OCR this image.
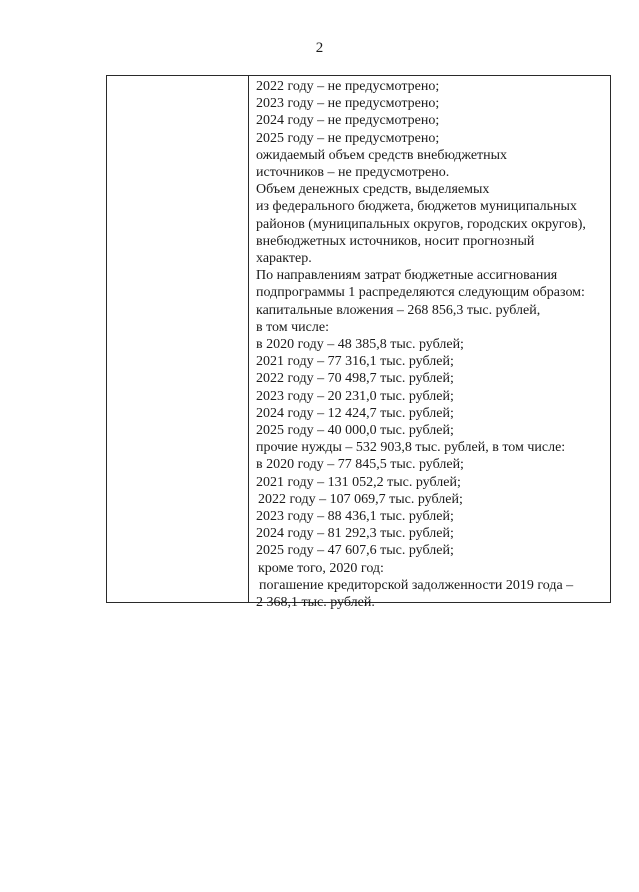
2
2022 году – не предусмотрено;
2023 году – не предусмотрено;
2024 году – не предусмотрено;
2025 году – не предусмотрено;
ожидаемый объем средств внебюджетных
источников – не предусмотрено.
Объем денежных средств, выделяемых
из федерального бюджета, бюджетов муниципальных
районов (муниципальных округов, городских округов),
внебюджетных источников, носит прогнозный
характер.
По направлениям затрат бюджетные ассигнования
подпрограммы 1 распределяются следующим образом:
капитальные вложения – 268 856,3 тыс. рублей,
в том числе:
в 2020 году – 48 385,8 тыс. рублей;
2021 году – 77 316,1 тыс. рублей;
2022 году – 70 498,7 тыс. рублей;
2023 году – 20 231,0 тыс. рублей;
2024 году – 12 424,7 тыс. рублей;
2025 году – 40 000,0 тыс. рублей;
прочие нужды – 532 903,8 тыс. рублей, в том числе:
в 2020 году – 77 845,5 тыс. рублей;
2021 году – 131 052,2 тыс. рублей;
2022 году – 107 069,7 тыс. рублей;
2023 году – 88 436,1 тыс. рублей;
2024 году – 81 292,3 тыс. рублей;
2025 году – 47 607,6 тыс. рублей;
кроме того, 2020 год:
погашение кредиторской задолженности 2019 года –
2 368,1 тыс. рублей.
